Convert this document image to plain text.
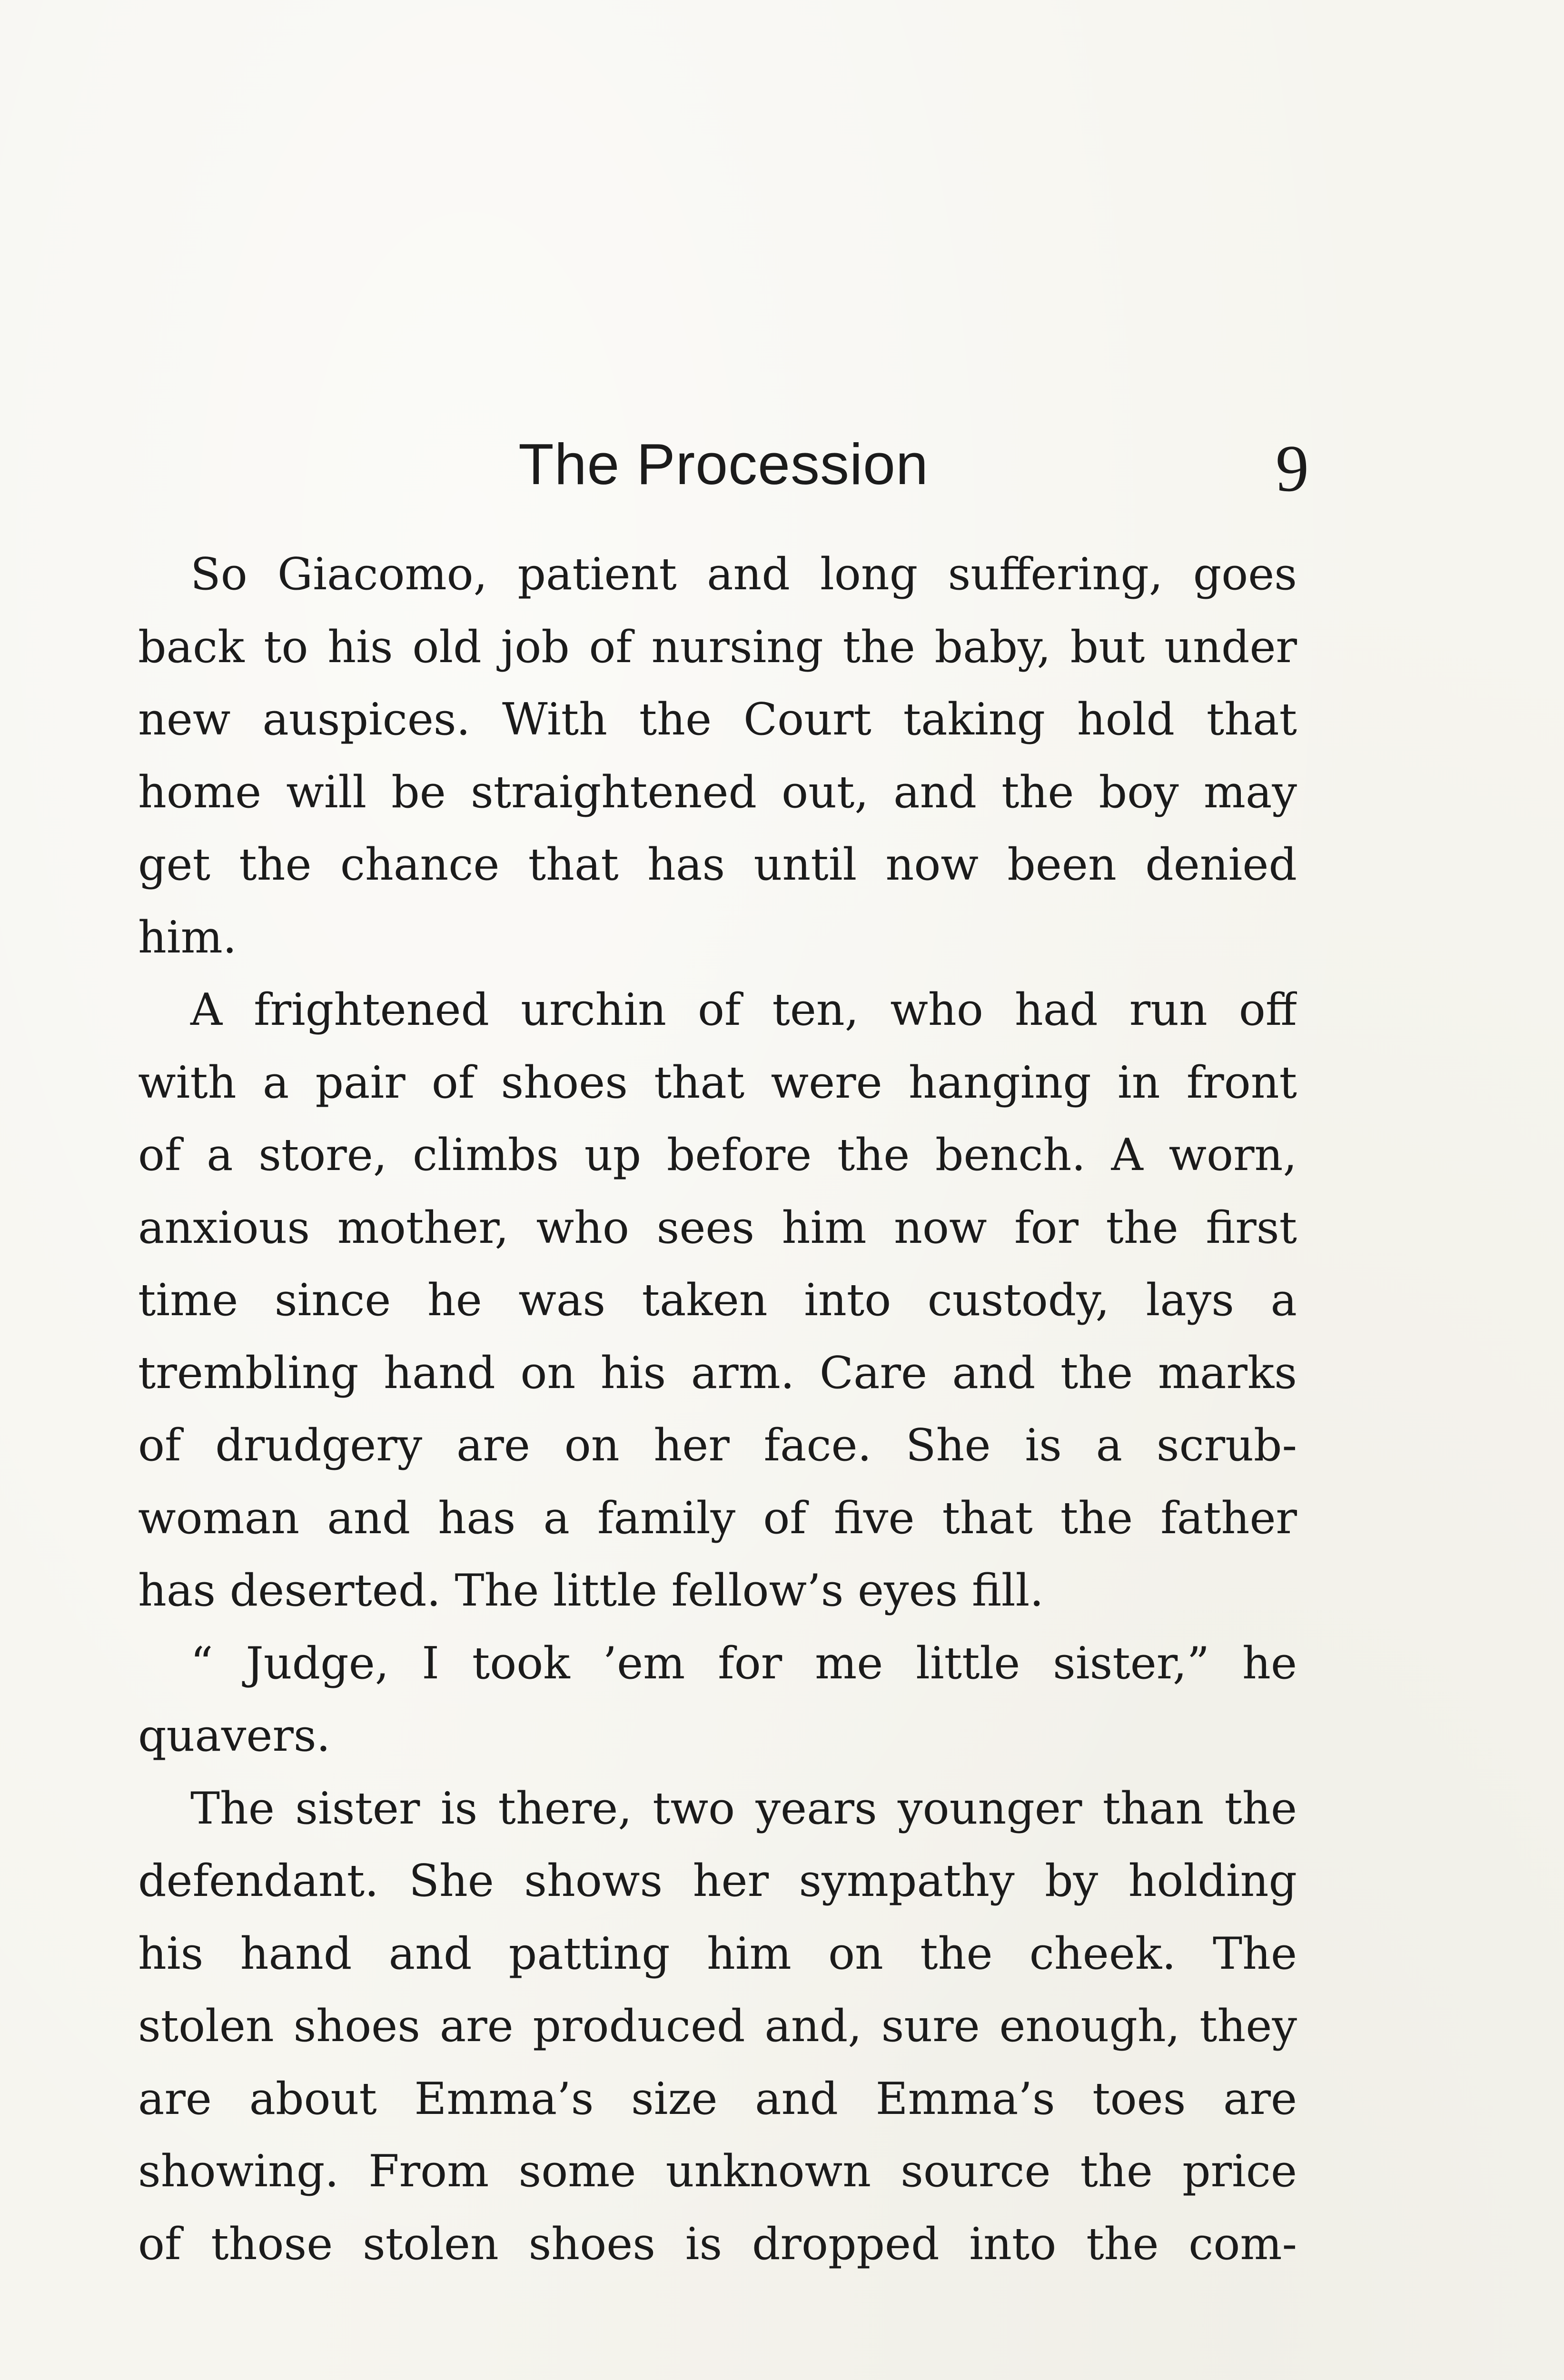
The Procession	9
So Giacomo, patient and long suffering, goes
back to his old job of nursing the baby, but under
new auspices. With the Court taking hold that
home will be straightened out, and the boy may
get the chance that has until now been denied
him.
A frightened urchin of ten, who had run off
with a pair of shoes that were hanging in front
of a store, climbs up before the bench. A worn,
anxious mother, who sees him now for the first
time since he was taken into custody, lays a
trembling hand on his arm. Care and the marks
of drudgery are on her face. She is a scrub-
woman and has a family of five that the father
has deserted. The little fellow’s eyes fill.
“ Judge, I took ’em for me little sister,” he
quavers.
The sister is there, two years younger than the
defendant. She shows her sympathy by holding
his hand and patting him on the cheek. The
stolen shoes are produced and, sure enough, they
are about Emma’s size and Emma’s toes are
showing. From some unknown source the price
of those stolen shoes is dropped into the com-
